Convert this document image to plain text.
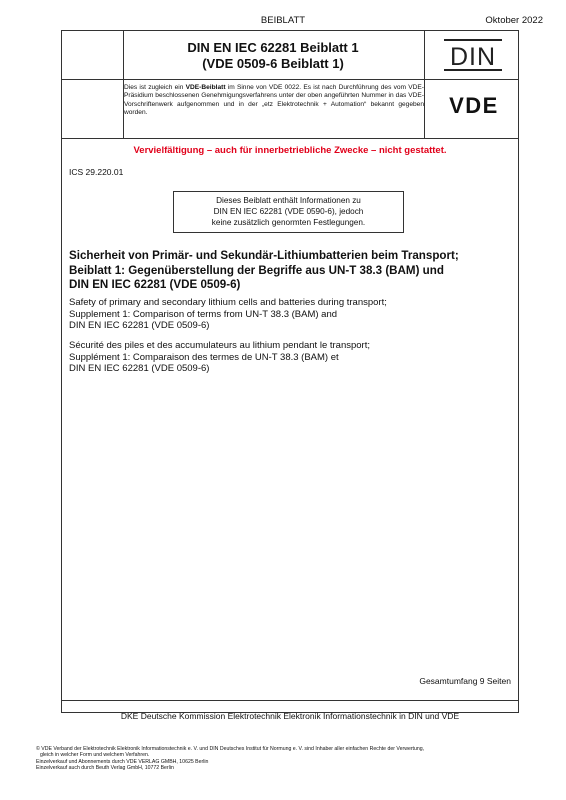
BEIBLATT	Oktober 2022
DIN EN IEC 62281 Beiblatt 1
(VDE 0509-6 Beiblatt 1)	DIN
Dies ist zugleich ein VDE-Beiblatt im Sinne von VDE 0022. Es ist nach Durchführung des vom VDE-Präsidium beschlossenen Genehmigungsverfahrens unter der oben angeführten Nummer in das VDE-Vorschriftenwerk aufgenommen und in der „etz Elektrotechnik + Automation“ bekannt gegeben worden.	VDE
Vervielfältigung – auch für innerbetriebliche Zwecke – nicht gestattet.
ICS 29.220.01
Dieses Beiblatt enthält Informationen zu
DIN EN IEC 62281 (VDE 0590-6), jedoch
keine zusätzlich genormten Festlegungen.
Sicherheit von Primär- und Sekundär-Lithiumbatterien beim Transport;
Beiblatt 1: Gegenüberstellung der Begriffe aus UN-T 38.3 (BAM) und
DIN EN IEC 62281 (VDE 0509-6)
Safety of primary and secondary lithium cells and batteries during transport;
Supplement 1: Comparison of terms from UN-T 38.3 (BAM) and
DIN EN IEC 62281 (VDE 0509-6)
Sécurité des piles et des accumulateurs au lithium pendant le transport;
Supplément 1: Comparaison des termes de UN-T 38.3 (BAM) et
DIN EN IEC 62281 (VDE 0509-6)
Gesamtumfang 9 Seiten
DKE Deutsche Kommission Elektrotechnik Elektronik Informationstechnik in DIN und VDE
© VDE Verband der Elektrotechnik Elektronik Informationstechnik e. V. und DIN Deutsches Institut für Normung e. V. sind Inhaber aller einfachen Rechte der Verwertung,
gleich in welcher Form und welchem Verfahren.
Einzelverkauf und Abonnements durch VDE VERLAG GMBH, 10625 Berlin
Einzelverkauf auch durch Beuth Verlag GmbH, 10772 Berlin
